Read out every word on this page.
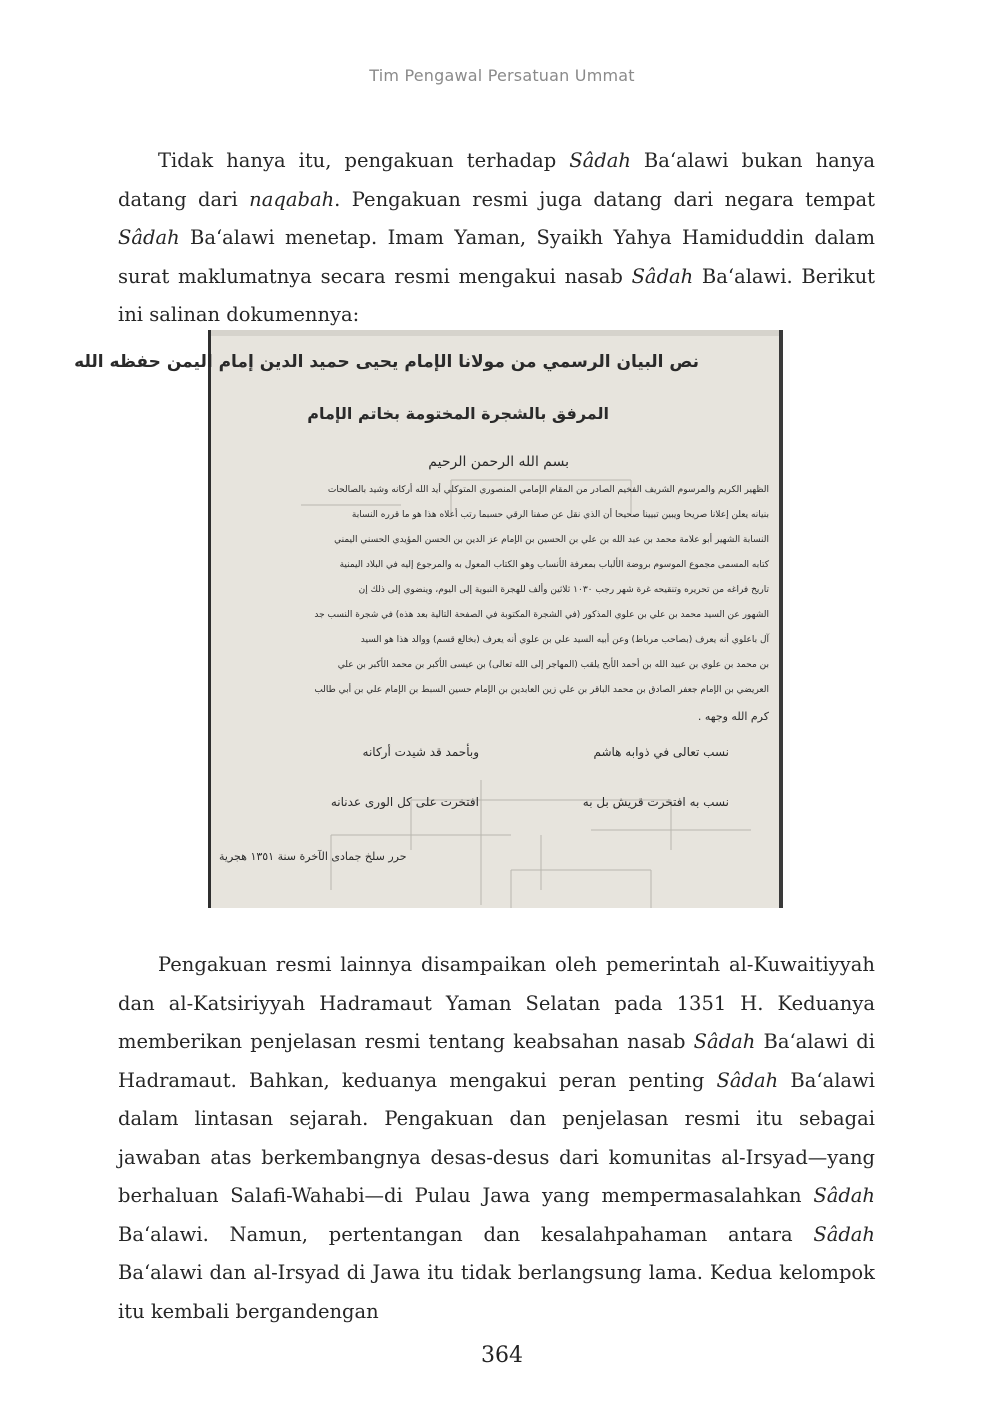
Tim Pengawal Persatuan Ummat

Tidak hanya itu, pengakuan terhadap Sâdah Ba‘alawi bukan hanya datang dari naqabah. Pengakuan resmi juga datang dari negara tempat Sâdah Ba‘alawi menetap. Imam Yaman, Syaikh Yahya Hamiduddin dalam surat maklumatnya secara resmi mengakui nasab Sâdah Ba‘alawi. Berikut ini salinan dokumennya:

نص البيان الرسمي من مولانا الإمام يحيى حميد الدين إمام اليمن حفظه الله
المرفق بالشجرة المختومة بخاتم الإمام
بسم الله الرحمن الرحيم
الظهير الكريم والمرسوم الشريف الفخيم الصادر من المقام الإمامي المنصوري المتوكلي أيد الله أركانه وشيد بالصالحات
بنيانه يعلن إعلانا صريحا ويبين تبيينا صحيحا أن الذي نقل عن صفنا الرقي حسبما رتب أعلاه هذا هو ما قرره النسابة
النسابة الشهير أبو علامة محمد بن عبد الله بن علي بن الحسين بن الإمام عز الدين بن الحسن المؤيدي الحسني اليمني
كتابه المسمى مجموع الموسوم بروضة الألباب بمعرفة الأنساب وهو الكتاب المعول به والمرجوع إليه في البلاد اليمنية
تاريخ فراغه من تحريره وتنقيحه غرة شهر رجب ١٠٣٠ ثلاثين وألف للهجرة النبوية إلى اليوم، وينضوي إلى ذلك إن
الشهور عن السيد محمد بن علي بن علوي المذكور (في الشجرة المكتوبة في الصفحة التالية بعد هذه) في شجرة النسب جد
آل باعلوي أنه يعرف (بصاحب مرباط) وعن أبيه السيد علي بن علوي أنه يعرف (بخالع قسم) ووالد هذا هو السيد
بن محمد بن علوي بن عبيد الله بن أحمد الأبح يلقب (المهاجر إلى الله تعالى) بن عيسى الأكبر بن محمد الأكبر بن علي
العريضي بن الإمام جعفر الصادق بن محمد الباقر بن علي زين العابدين بن الإمام حسين السبط بن الإمام علي بن أبي طالب
كرم الله وجهه .
نسب تعالى في ذوابه هاشم
وبأحمد قد شيدت أركانه
نسب به افتخرت قريش بل به
افتخرت على كل الورى عدنانه
حرر سلخ جمادى الآخرة سنة ١٣٥١ هجرية

Pengakuan resmi lainnya disampaikan oleh pemerintah al-Kuwaitiyyah dan al-Katsiriyyah Hadramaut Yaman Selatan pada 1351 H. Keduanya memberikan penjelasan resmi tentang keabsahan nasab Sâdah Ba‘alawi di Hadramaut. Bahkan, keduanya mengakui peran penting Sâdah Ba‘alawi dalam lintasan sejarah. Pengakuan dan penjelasan resmi itu sebagai jawaban atas berkembangnya desas-desus dari komunitas al-Irsyad—yang berhaluan Salafi-Wahabi—di Pulau Jawa yang mempermasalahkan Sâdah Ba‘alawi. Namun, pertentangan dan kesalahpahaman antara Sâdah Ba‘alawi dan al-Irsyad di Jawa itu tidak berlangsung lama. Kedua kelompok itu kembali bergandengan

364
